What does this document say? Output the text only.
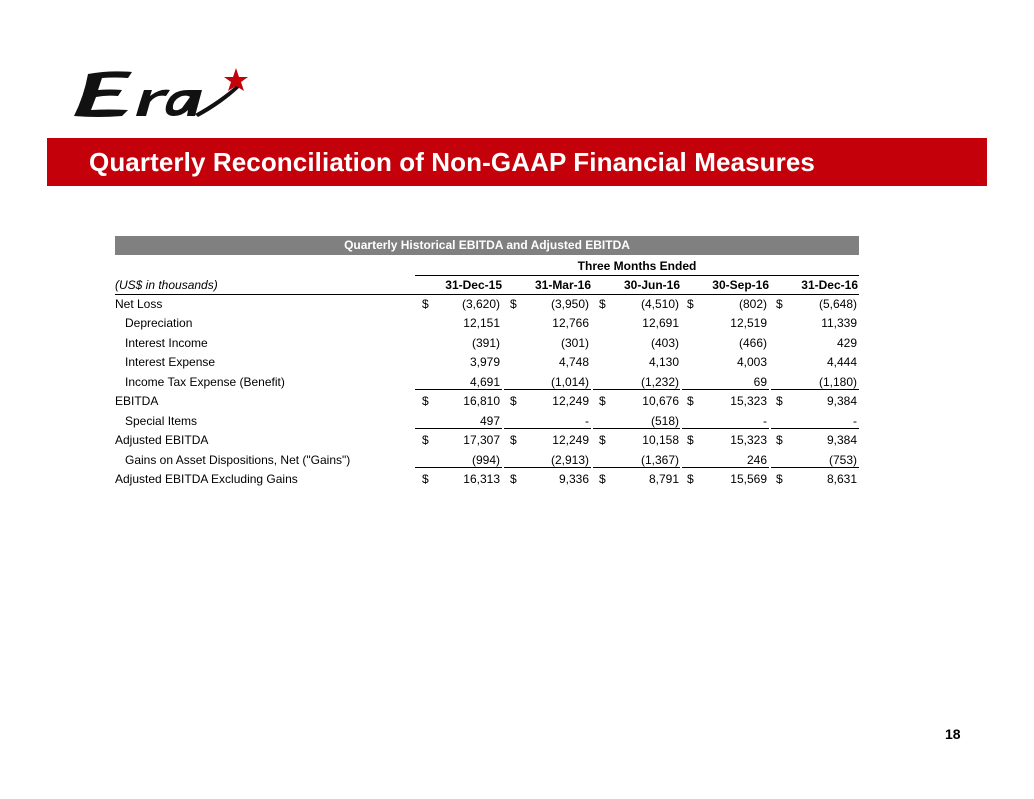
Quarterly Reconciliation of Non-GAAP Financial Measures
Quarterly Historical EBITDA and Adjusted EBITDA
Three Months Ended
(US$ in thousands)	31-Dec-15	31-Mar-16	30-Jun-16	30-Sep-16	31-Dec-16
Net Loss	$	(3,620) $	(3,950) $	(4,510) $	(802) $	(5,648)
Depreciation	12,151	12,766	12,691	12,519	11,339
Interest Income	(391)	(301)	(403)	(466)	429
Interest Expense	3,979	4,748	4,130	4,003	4,444
Income Tax Expense (Benefit)	4,691	(1,014)	(1,232)	69	(1,180)
EBITDA	$	16,810 $	12,249 $	10,676 $	15,323 $	9,384
Special Items	497	-	(518)	-	-
Adjusted EBITDA	$	17,307 $	12,249 $	10,158 $	15,323 $	9,384
Gains on Asset Dispositions, Net ("Gains")	(994)	(2,913)	(1,367)	246	(753)
Adjusted EBITDA Excluding Gains	$	16,313 $	9,336 $	8,791 $	15,569 $	8,631
18
